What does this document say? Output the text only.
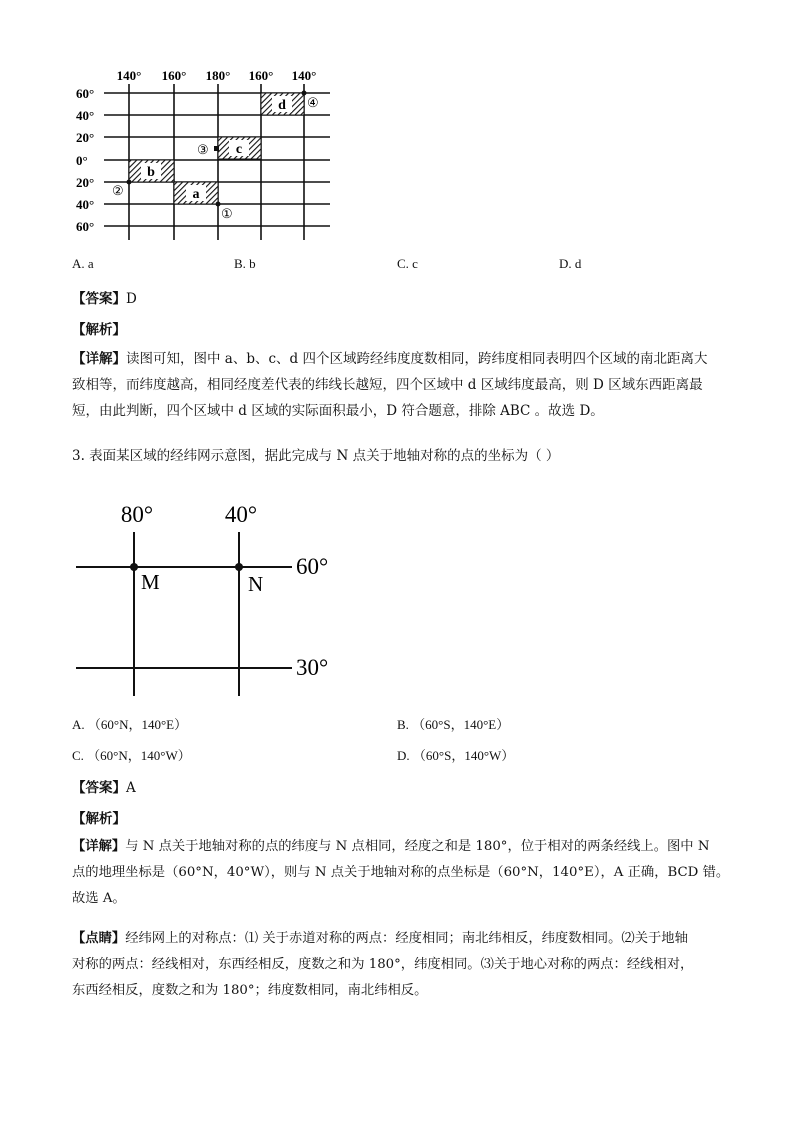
140° 160° 180° 160° 140°
60°
40°
20°
0°
20°
40°
60°
d
c
b
a
①
②
③
④
A. a	B. b	C. c	D. d
【答案】D
【解析】
【详解】读图可知，图中 a、b、c、d 四个区域跨经纬度度数相同，跨纬度相同表明四个区域的南北距离大
致相等，而纬度越高，相同经度差代表的纬线长越短，四个区域中 d 区域纬度最高，则 D 区域东西距离最
短，由此判断，四个区域中 d 区域的实际面积最小，D 符合题意，排除 ABC 。故选 D。
3. 表面某区域的经纬网示意图，据此完成与 N 点关于地轴对称的点的坐标为（ ）
80°	40°
60°
30°
M	N
A. （60°N，140°E）	B. （60°S，140°E）
C. （60°N，140°W）	D. （60°S，140°W）
【答案】A
【解析】
【详解】与 N 点关于地轴对称的点的纬度与 N 点相同，经度之和是 180°，位于相对的两条经线上。图中 N
点的地理坐标是（60°N，40°W），则与 N 点关于地轴对称的点坐标是（60°N，140°E），A 正确，BCD 错。
故选 A。
【点睛】经纬网上的对称点：⑴ 关于赤道对称的两点：经度相同；南北纬相反，纬度数相同。⑵关于地轴
对称的两点：经线相对，东西经相反，度数之和为 180°，纬度相同。⑶关于地心对称的两点：经线相对，
东西经相反，度数之和为 180°；纬度数相同，南北纬相反。
